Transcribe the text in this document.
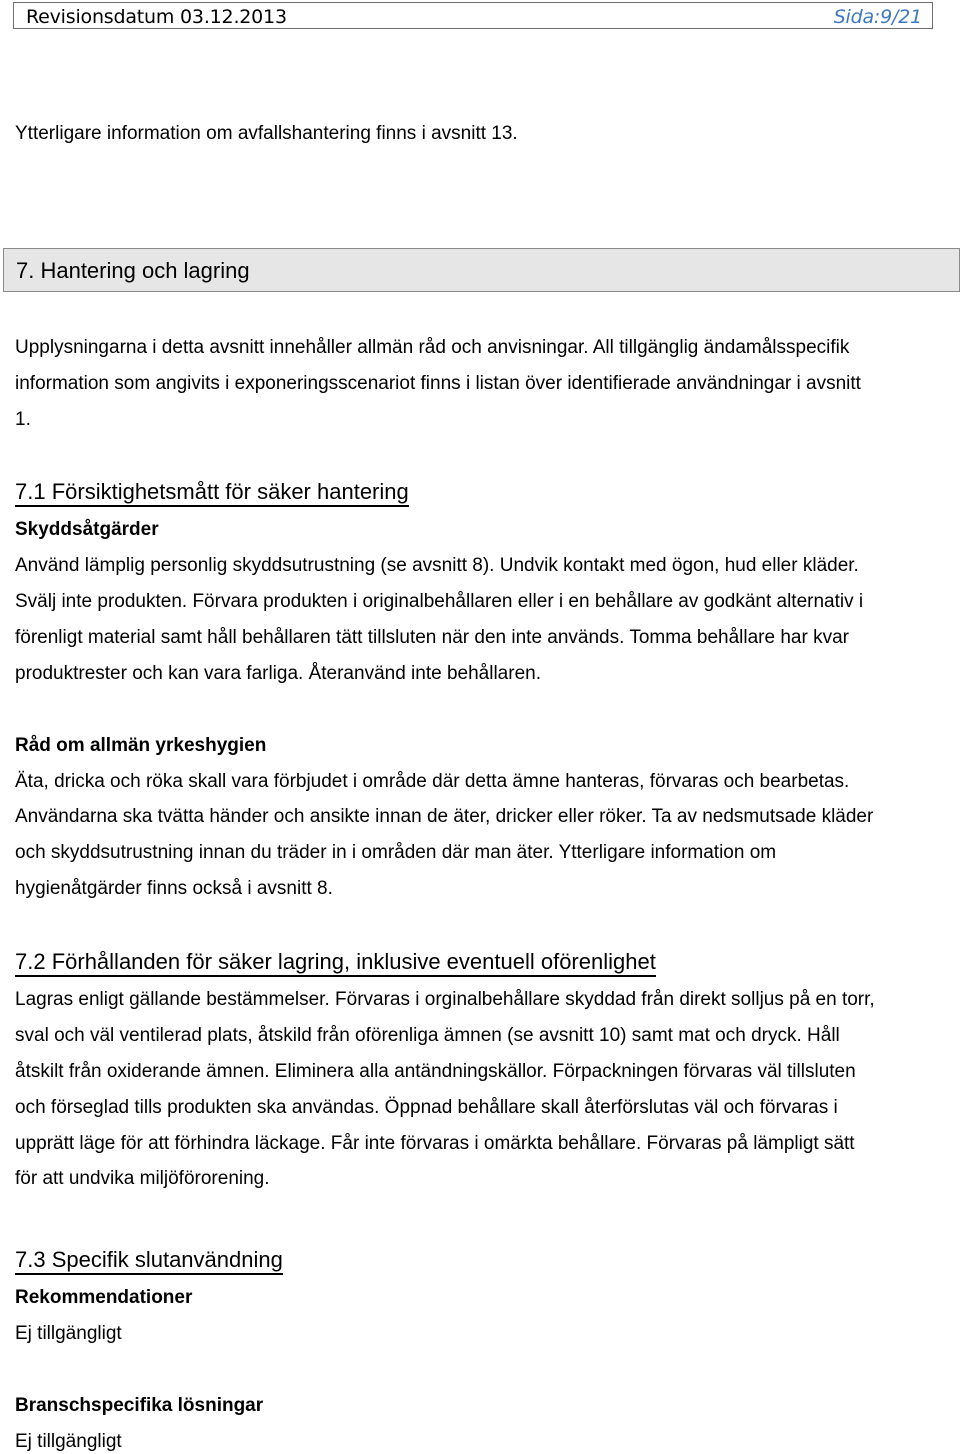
Revisionsdatum 03.12.2013	Sida:9/21
Ytterligare information om avfallshantering finns i avsnitt 13.
7. Hantering och lagring
Upplysningarna i detta avsnitt innehåller allmän råd och anvisningar. All tillgänglig ändamålsspecifik
information som angivits i exponeringsscenariot finns i listan över identifierade användningar i avsnitt
1.
7.1 Försiktighetsmått för säker hantering
Skyddsåtgärder
Använd lämplig personlig skyddsutrustning (se avsnitt 8). Undvik kontakt med ögon, hud eller kläder.
Svälj inte produkten. Förvara produkten i originalbehållaren eller i en behållare av godkänt alternativ i
förenligt material samt håll behållaren tätt tillsluten när den inte används. Tomma behållare har kvar
produktrester och kan vara farliga. Återanvänd inte behållaren.
Råd om allmän yrkeshygien
Äta, dricka och röka skall vara förbjudet i område där detta ämne hanteras, förvaras och bearbetas.
Användarna ska tvätta händer och ansikte innan de äter, dricker eller röker. Ta av nedsmutsade kläder
och skyddsutrustning innan du träder in i områden där man äter. Ytterligare information om
hygienåtgärder finns också i avsnitt 8.
7.2 Förhållanden för säker lagring, inklusive eventuell oförenlighet
Lagras enligt gällande bestämmelser. Förvaras i orginalbehållare skyddad från direkt solljus på en torr,
sval och väl ventilerad plats, åtskild från oförenliga ämnen (se avsnitt 10) samt mat och dryck. Håll
åtskilt från oxiderande ämnen. Eliminera alla antändningskällor. Förpackningen förvaras väl tillsluten
och förseglad tills produkten ska användas. Öppnad behållare skall återförslutas väl och förvaras i
upprätt läge för att förhindra läckage. Får inte förvaras i omärkta behållare. Förvaras på lämpligt sätt
för att undvika miljöförorening.
7.3 Specifik slutanvändning
Rekommendationer
Ej tillgängligt
Branschspecifika lösningar
Ej tillgängligt
